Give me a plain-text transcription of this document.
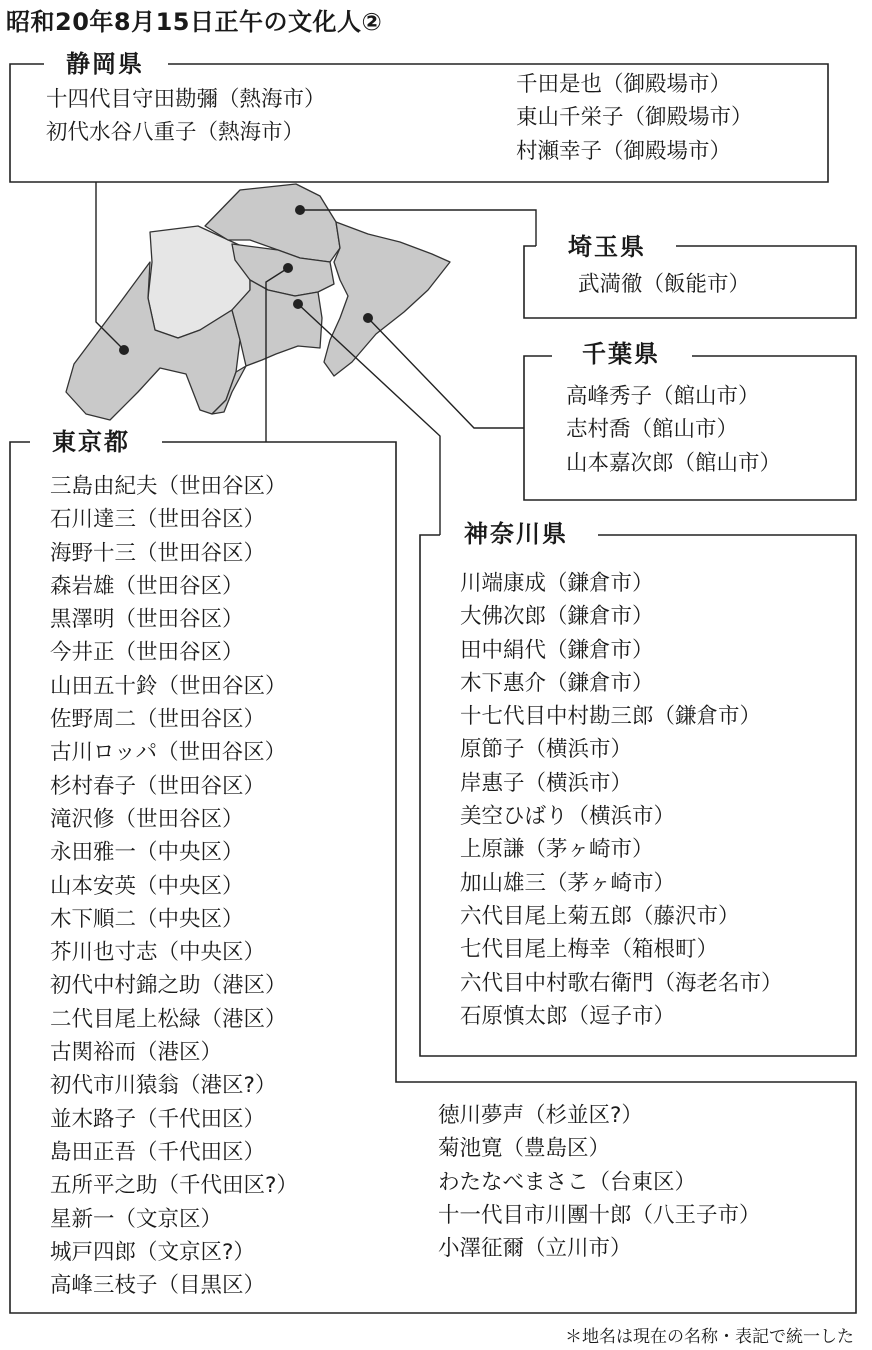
昭和20年8月15日正午の文化人②
静岡県
十四代目守田勘彌（熱海市）
初代水谷八重子（熱海市）
千田是也（御殿場市）
東山千栄子（御殿場市）
村瀬幸子（御殿場市）
埼玉県
武満徹（飯能市）
千葉県
高峰秀子（館山市）
志村喬（館山市）
山本嘉次郎（館山市）
神奈川県
川端康成（鎌倉市）
大佛次郎（鎌倉市）
田中絹代（鎌倉市）
木下惠介（鎌倉市）
十七代目中村勘三郎（鎌倉市）
原節子（横浜市）
岸惠子（横浜市）
美空ひばり（横浜市）
上原謙（茅ヶ崎市）
加山雄三（茅ヶ崎市）
六代目尾上菊五郎（藤沢市）
七代目尾上梅幸（箱根町）
六代目中村歌右衛門（海老名市）
石原慎太郎（逗子市）
東京都
三島由紀夫（世田谷区）
石川達三（世田谷区）
海野十三（世田谷区）
森岩雄（世田谷区）
黒澤明（世田谷区）
今井正（世田谷区）
山田五十鈴（世田谷区）
佐野周二（世田谷区）
古川ロッパ（世田谷区）
杉村春子（世田谷区）
滝沢修（世田谷区）
永田雅一（中央区）
山本安英（中央区）
木下順二（中央区）
芥川也寸志（中央区）
初代中村錦之助（港区）
二代目尾上松緑（港区）
古関裕而（港区）
初代市川猿翁（港区?）
並木路子（千代田区）
島田正吾（千代田区）
五所平之助（千代田区?）
星新一（文京区）
城戸四郎（文京区?）
高峰三枝子（目黒区）
徳川夢声（杉並区?）
菊池寛（豊島区）
わたなべまさこ（台東区）
十一代目市川團十郎（八王子市）
小澤征爾（立川市）
＊地名は現在の名称・表記で統一した
